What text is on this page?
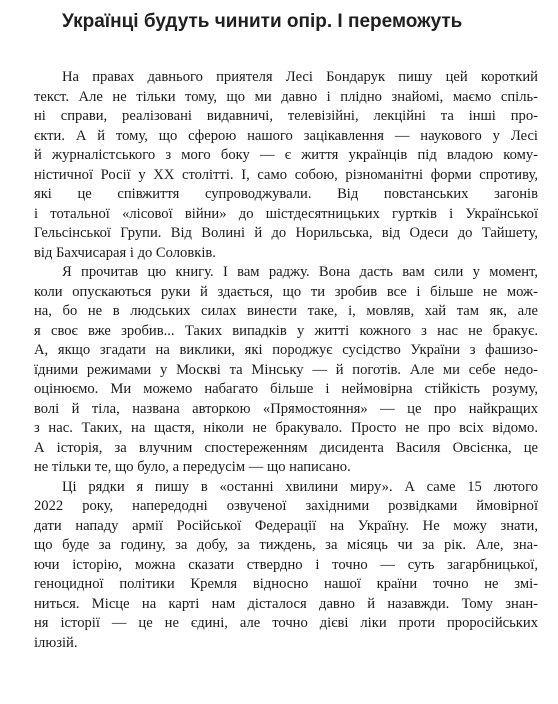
Українці будуть чинити опір. І переможуть

На правах давнього приятеля Лесі Бондарук пишу цей короткий
текст. Але не тільки тому, що ми давно і плідно знайомі, маємо спіль-
ні справи, реалізовані видавничі, телевізійні, лекційні та інші про-
єкти. А й тому, що сферою нашого зацікавлення — наукового у Лесі
й журналістського з мого боку — є життя українців під владою кому-
ністичної Росії у XX столітті. І, само собою, різноманітні форми спротиву,
які це співжиття супроводжували. Від повстанських загонів
і тотальної «лісової війни» до шістдесятницьких гуртків і Української
Гельсінської Групи. Від Волині й до Норильська, від Одеси до Тайшету,
від Бахчисарая і до Соловків.

Я прочитав цю книгу. І вам раджу. Вона дасть вам сили у момент,
коли опускаються руки й здається, що ти зробив все і більше не мож-
на, бо не в людських силах винести таке, і, мовляв, хай там як, але
я своє вже зробив... Таких випадків у житті кожного з нас не бракує.
А, якщо згадати на виклики, які породжує сусідство України з фашизо-
їдними режимами у Москві та Мінську — й поготів. Але ми себе недо-
оцінюємо. Ми можемо набагато більше і неймовірна стійкість розуму,
волі й тіла, названа авторкою «Прямостояння» — це про найкращих
з нас. Таких, на щастя, ніколи не бракувало. Просто не про всіх відомо.
А історія, за влучним спостереженням дисидента Василя Овсієнка, це
не тільки те, що було, а передусім — що написано.

Ці рядки я пишу в «останні хвилини миру». А саме 15 лютого
2022 року, напередодні озвученої західними розвідками ймовірної
дати нападу армії Російської Федерації на Україну. Не можу знати,
що буде за годину, за добу, за тиждень, за місяць чи за рік. Але, зна-
ючи історію, можна сказати ствердно і точно — суть загарбницької,
геноцидної політики Кремля відносно нашої країни точно не змі-
ниться. Місце на карті нам дісталося давно й назавжди. Тому знан-
ня історії — це не єдині, але точно дієві ліки проти проросійських
ілюзій.
